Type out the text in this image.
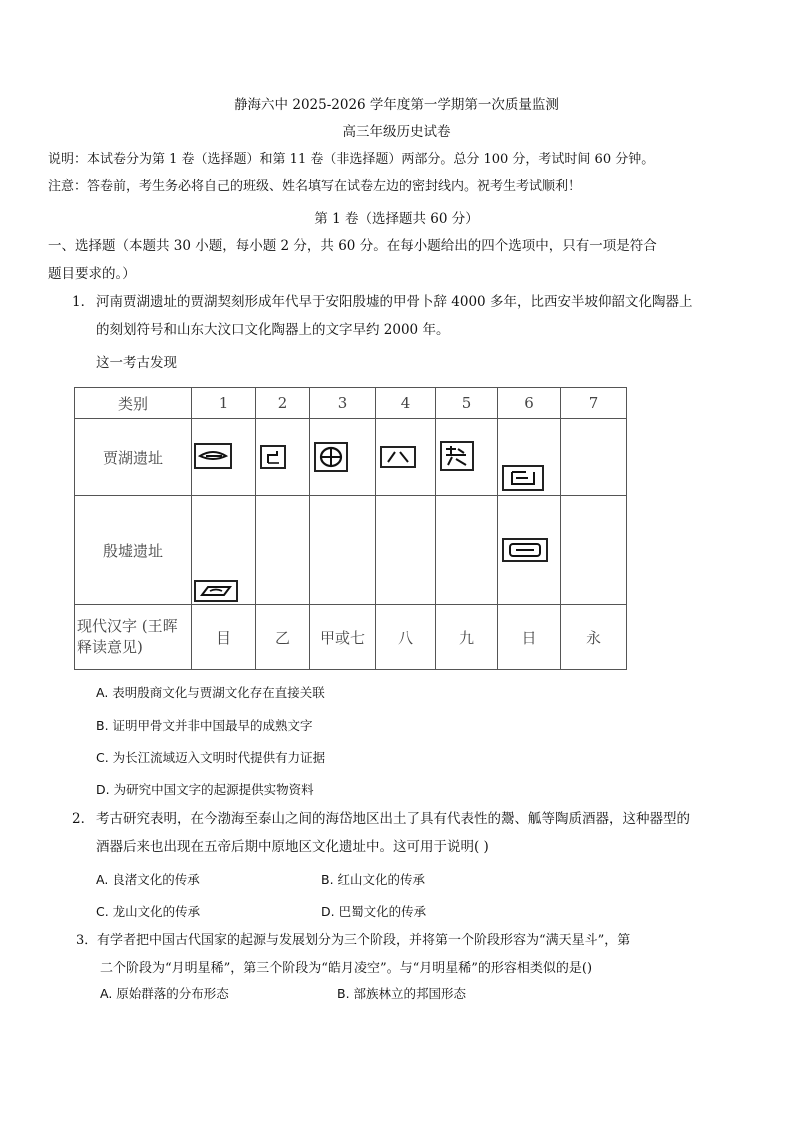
静海六中 2025-2026 学年度第一学期第一次质量监测
高三年级历史试卷
说明：本试卷分为第 1 卷（选择题）和第 11 卷（非选择题）两部分。总分 100 分，考试时间 60 分钟。
注意：答卷前，考生务必将自己的班级、姓名填写在试卷左边的密封线内。祝考生考试顺利！
第 1 卷（选择题共 60 分）
一、选择题（本题共 30 小题，每小题 2 分，共 60 分。在每小题给出的四个选项中，只有一项是符合
题目要求的。）
1． 河南贾湖遗址的贾湖契刻形成年代早于安阳殷墟的甲骨卜辞 4000 多年，比西安半坡仰韶文化陶器上
的刻划符号和山东大汶口文化陶器上的文字早约 2000 年。
这一考古发现
类别	1	2	3	4	5	6	7
贾湖遗址	

殷墟遗址	

现代汉字 (王晖
释读意见)	目	乙	甲或七	八	九	日	永
A. 表明殷商文化与贾湖文化存在直接关联
B. 证明甲骨文并非中国最早的成熟文字
C. 为长江流域迈入文明时代提供有力证据
D. 为研究中国文字的起源提供实物资料
2． 考古研究表明，在今渤海至泰山之间的海岱地区出土了具有代表性的鬶、觚等陶质酒器，这种器型的
酒器后来也出现在五帝后期中原地区文化遗址中。这可用于说明( )
A. 良渚文化的传承	B. 红山文化的传承
C. 龙山文化的传承	D. 巴蜀文化的传承
3． 有学者把中国古代国家的起源与发展划分为三个阶段，并将第一个阶段形容为“满天星斗”，第
二个阶段为“月明星稀”，第三个阶段为“皓月凌空”。与“月明星稀”的形容相类似的是()
A. 原始群落的分布形态	B. 部族林立的邦国形态
